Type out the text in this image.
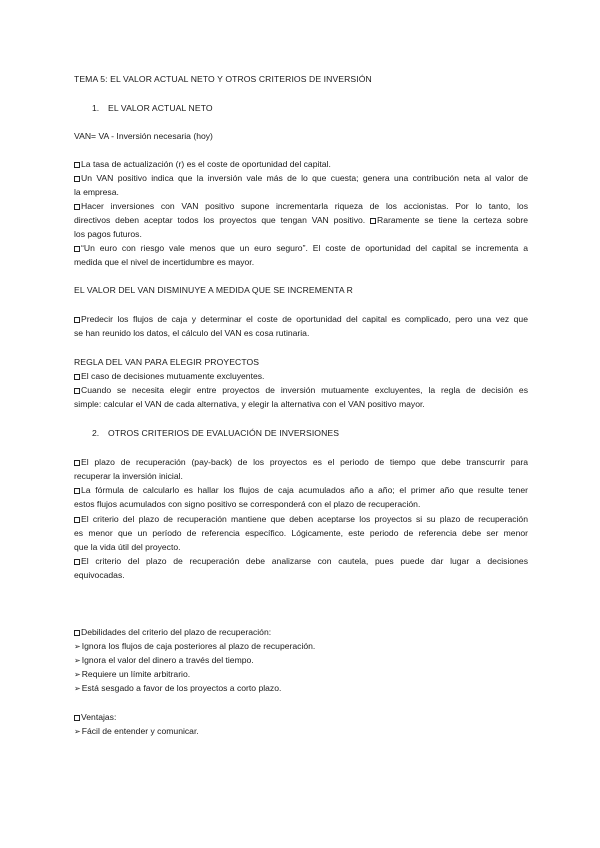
TEMA 5: EL VALOR ACTUAL NETO Y OTROS CRITERIOS DE INVERSIÓN
1. EL VALOR ACTUAL NETO
VAN= VA - Inversión necesaria (hoy)
La tasa de actualización (r) es el coste de oportunidad del capital.
Un VAN positivo indica que la inversión vale más de lo que cuesta; genera una contribución neta al valor de
la empresa.
Hacer inversiones con VAN positivo supone incrementarla riqueza de los accionistas. Por lo tanto, los
directivos deben aceptar todos los proyectos que tengan VAN positivo. Raramente se tiene la certeza sobre
los pagos futuros.
“Un euro con riesgo vale menos que un euro seguro”. El coste de oportunidad del capital se incrementa a
medida que el nivel de incertidumbre es mayor.
EL VALOR DEL VAN DISMINUYE A MEDIDA QUE SE INCREMENTA R
Predecir los flujos de caja y determinar el coste de oportunidad del capital es complicado, pero una vez que
se han reunido los datos, el cálculo del VAN es cosa rutinaria.
REGLA DEL VAN PARA ELEGIR PROYECTOS
El caso de decisiones mutuamente excluyentes.
Cuando se necesita elegir entre proyectos de inversión mutuamente excluyentes, la regla de decisión es
simple: calcular el VAN de cada alternativa, y elegir la alternativa con el VAN positivo mayor.
2. OTROS CRITERIOS DE EVALUACIÓN DE INVERSIONES
El plazo de recuperación (pay-back) de los proyectos es el periodo de tiempo que debe transcurrir para
recuperar la inversión inicial.
La fórmula de calcularlo es hallar los flujos de caja acumulados año a año; el primer año que resulte tener
estos flujos acumulados con signo positivo se corresponderá con el plazo de recuperación.
El criterio del plazo de recuperación mantiene que deben aceptarse los proyectos si su plazo de recuperación
es menor que un período de referencia específico. Lógicamente, este periodo de referencia debe ser menor
que la vida útil del proyecto.
El criterio del plazo de recuperación debe analizarse con cautela, pues puede dar lugar a decisiones
equivocadas.
Debilidades del criterio del plazo de recuperación:
➢Ignora los flujos de caja posteriores al plazo de recuperación.
➢Ignora el valor del dinero a través del tiempo.
➢Requiere un límite arbitrario.
➢Está sesgado a favor de los proyectos a corto plazo.
Ventajas:
➢Fácil de entender y comunicar.
